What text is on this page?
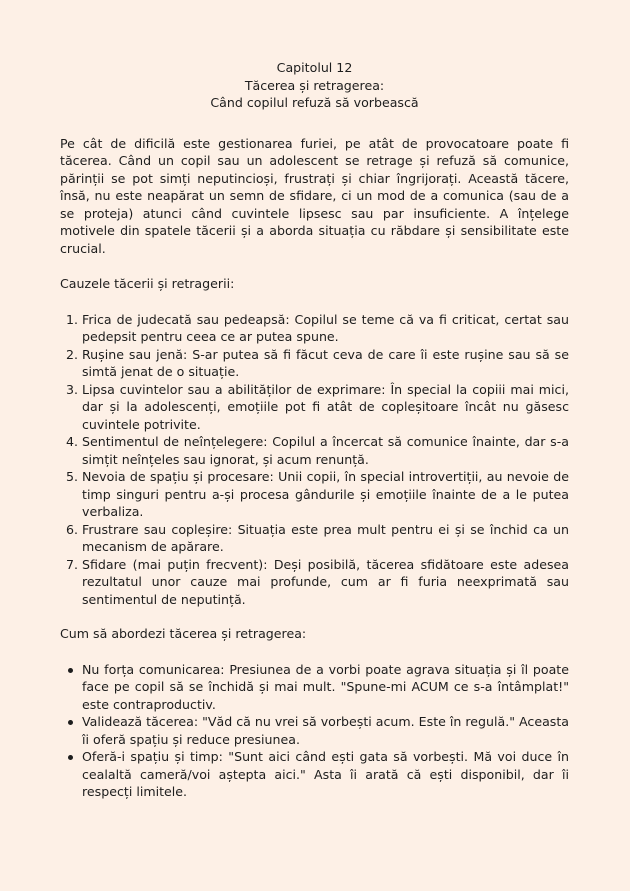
Capitolul 12
Tăcerea și retragerea:
Când copilul refuză să vorbească

Pe cât de dificilă este gestionarea furiei, pe atât de provocatoare poate fi tăcerea. Când un copil sau un adolescent se retrage și refuză să comunice, părinții se pot simți neputincioși, frustrați și chiar îngrijorați. Această tăcere, însă, nu este neapărat un semn de sfidare, ci un mod de a comunica (sau de a se proteja) atunci când cuvintele lipsesc sau par insuficiente. A înțelege motivele din spatele tăcerii și a aborda situația cu răbdare și sensibilitate este crucial.

Cauzele tăcerii și retragerii:

1. Frica de judecată sau pedeapsă: Copilul se teme că va fi criticat, certat sau pedepsit pentru ceea ce ar putea spune.
2. Rușine sau jenă: S-ar putea să fi făcut ceva de care îi este rușine sau să se simtă jenat de o situație.
3. Lipsa cuvintelor sau a abilităților de exprimare: În special la copiii mai mici, dar și la adolescenți, emoțiile pot fi atât de copleșitoare încât nu găsesc cuvintele potrivite.
4. Sentimentul de neînțelegere: Copilul a încercat să comunice înainte, dar s-a simțit neînțeles sau ignorat, și acum renunță.
5. Nevoia de spațiu și procesare: Unii copii, în special introvertiții, au nevoie de timp singuri pentru a-și procesa gândurile și emoțiile înainte de a le putea verbaliza.
6. Frustrare sau copleșire: Situația este prea mult pentru ei și se închid ca un mecanism de apărare.
7. Sfidare (mai puțin frecvent): Deși posibilă, tăcerea sfidătoare este adesea rezultatul unor cauze mai profunde, cum ar fi furia neexprimată sau sentimentul de neputință.

Cum să abordezi tăcerea și retragerea:

Nu forța comunicarea: Presiunea de a vorbi poate agrava situația și îl poate face pe copil să se închidă și mai mult. "Spune-mi ACUM ce s-a întâmplat!" este contraproductiv.
Validează tăcerea: "Văd că nu vrei să vorbești acum. Este în regulă." Aceasta îi oferă spațiu și reduce presiunea.
Oferă-i spațiu și timp: "Sunt aici când ești gata să vorbești. Mă voi duce în cealaltă cameră/voi aștepta aici." Asta îi arată că ești disponibil, dar îi respecți limitele.
